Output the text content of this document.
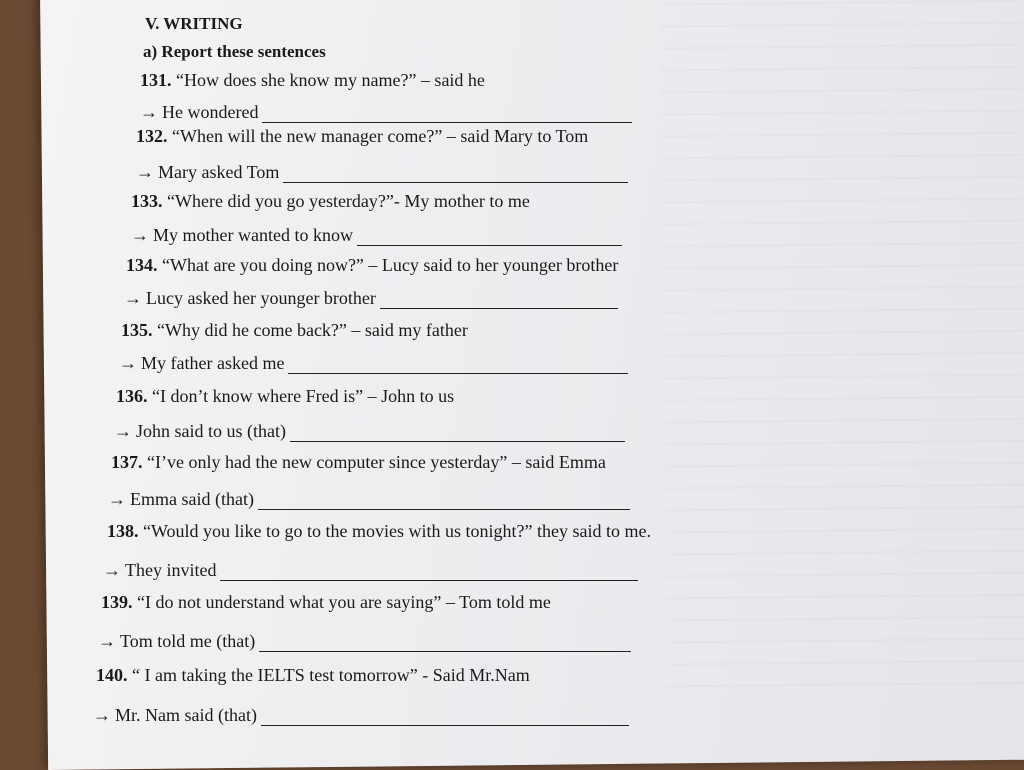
V. WRITING
a) Report these sentences
131. “How does she know my name?” – said he
→ He wondered
132. “When will the new manager come?” – said Mary to Tom
→ Mary asked Tom
133. “Where did you go yesterday?”- My mother to me
→ My mother wanted to know
134. “What are you doing now?” – Lucy said to her younger brother
→ Lucy asked her younger brother
135. “Why did he come back?” – said my father
→ My father asked me
136. “I don’t know where Fred is” – John to us
→ John said to us (that)
137. “I’ve only had the new computer since yesterday” – said Emma
→ Emma said (that)
138. “Would you like to go to the movies with us tonight?” they said to me.
→ They invited
139. “I do not understand what you are saying” – Tom told me
→ Tom told me (that)
140. “ I am taking the IELTS test tomorrow” - Said Mr.Nam
→ Mr. Nam said (that)
